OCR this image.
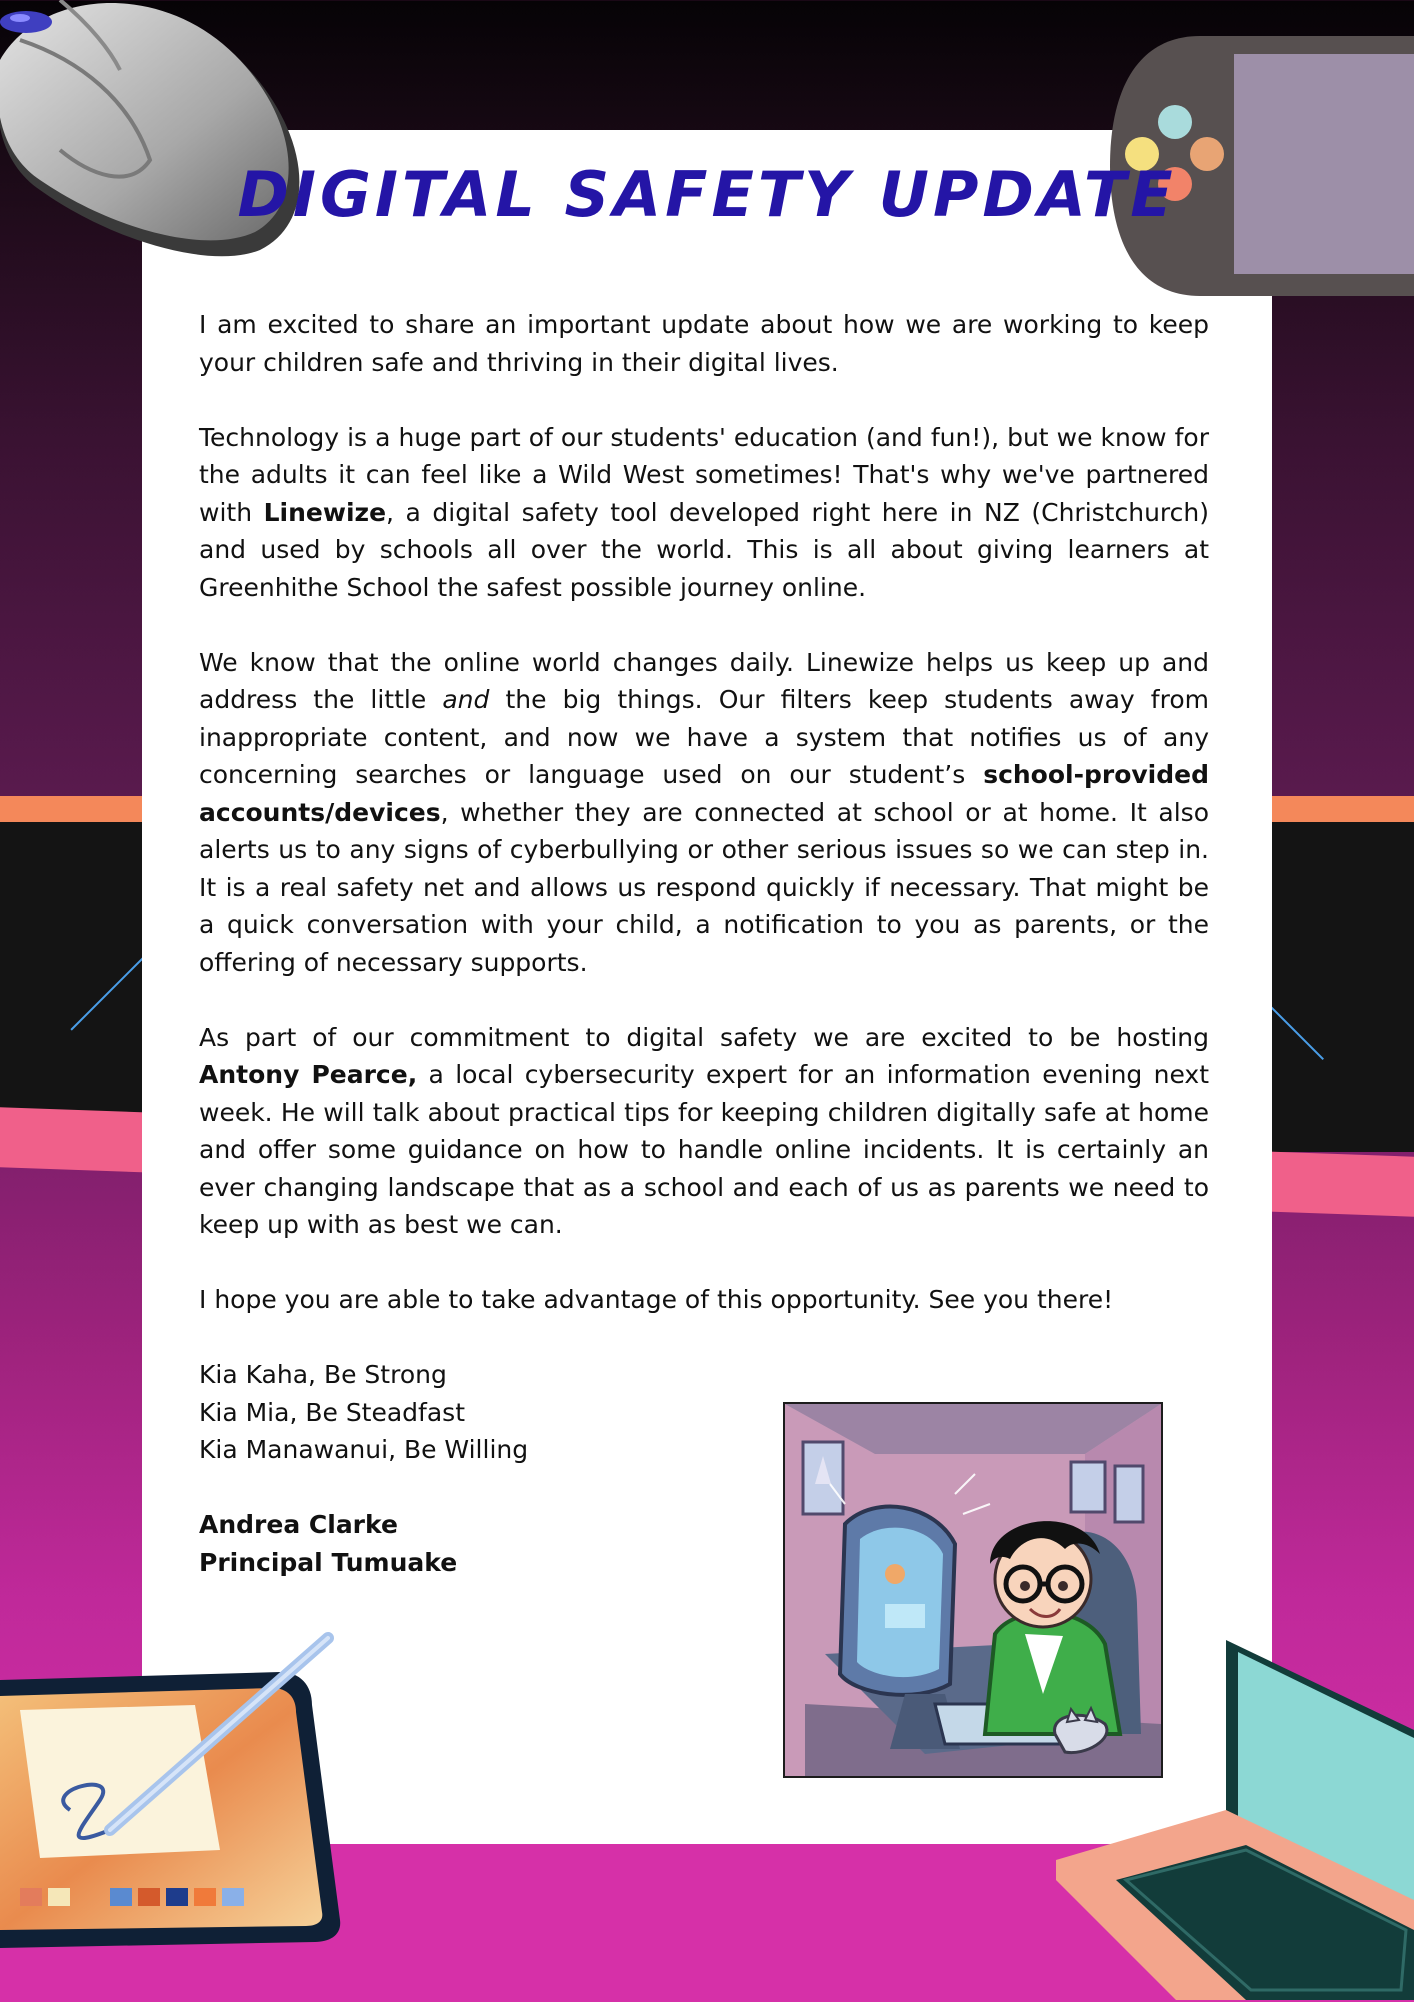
DIGITAL SAFETY UPDATE

I am excited to share an important update about how we are working to keep your children safe and thriving in their digital lives.

Technology is a huge part of our students' education (and fun!), but we know for the adults it can feel like a Wild West sometimes! That's why we've partnered with Linewize, a digital safety tool developed right here in NZ (Christchurch) and used by schools all over the world. This is all about giving learners at Greenhithe School the safest possible journey online.

We know that the online world changes daily. Linewize helps us keep up and address the little and the big things. Our filters keep students away from inappropriate content, and now we have a system that notifies us of any concerning searches or language used on our student’s school-provided accounts/devices, whether they are connected at school or at home. It also alerts us to any signs of cyberbullying or other serious issues so we can step in. It is a real safety net and allows us respond quickly if necessary. That might be a quick conversation with your child, a notification to you as parents, or the offering of necessary supports.

As part of our commitment to digital safety we are excited to be hosting Antony Pearce, a local cybersecurity expert for an information evening next week. He will talk about practical tips for keeping children digitally safe at home and offer some guidance on how to handle online incidents. It is certainly an ever changing landscape that as a school and each of us as parents we need to keep up with as best we can.

I hope you are able to take advantage of this opportunity. See you there!

Kia Kaha, Be Strong

Kia Mia, Be Steadfast

Kia Manawanui, Be Willing

Andrea Clarke

Principal Tumuake
